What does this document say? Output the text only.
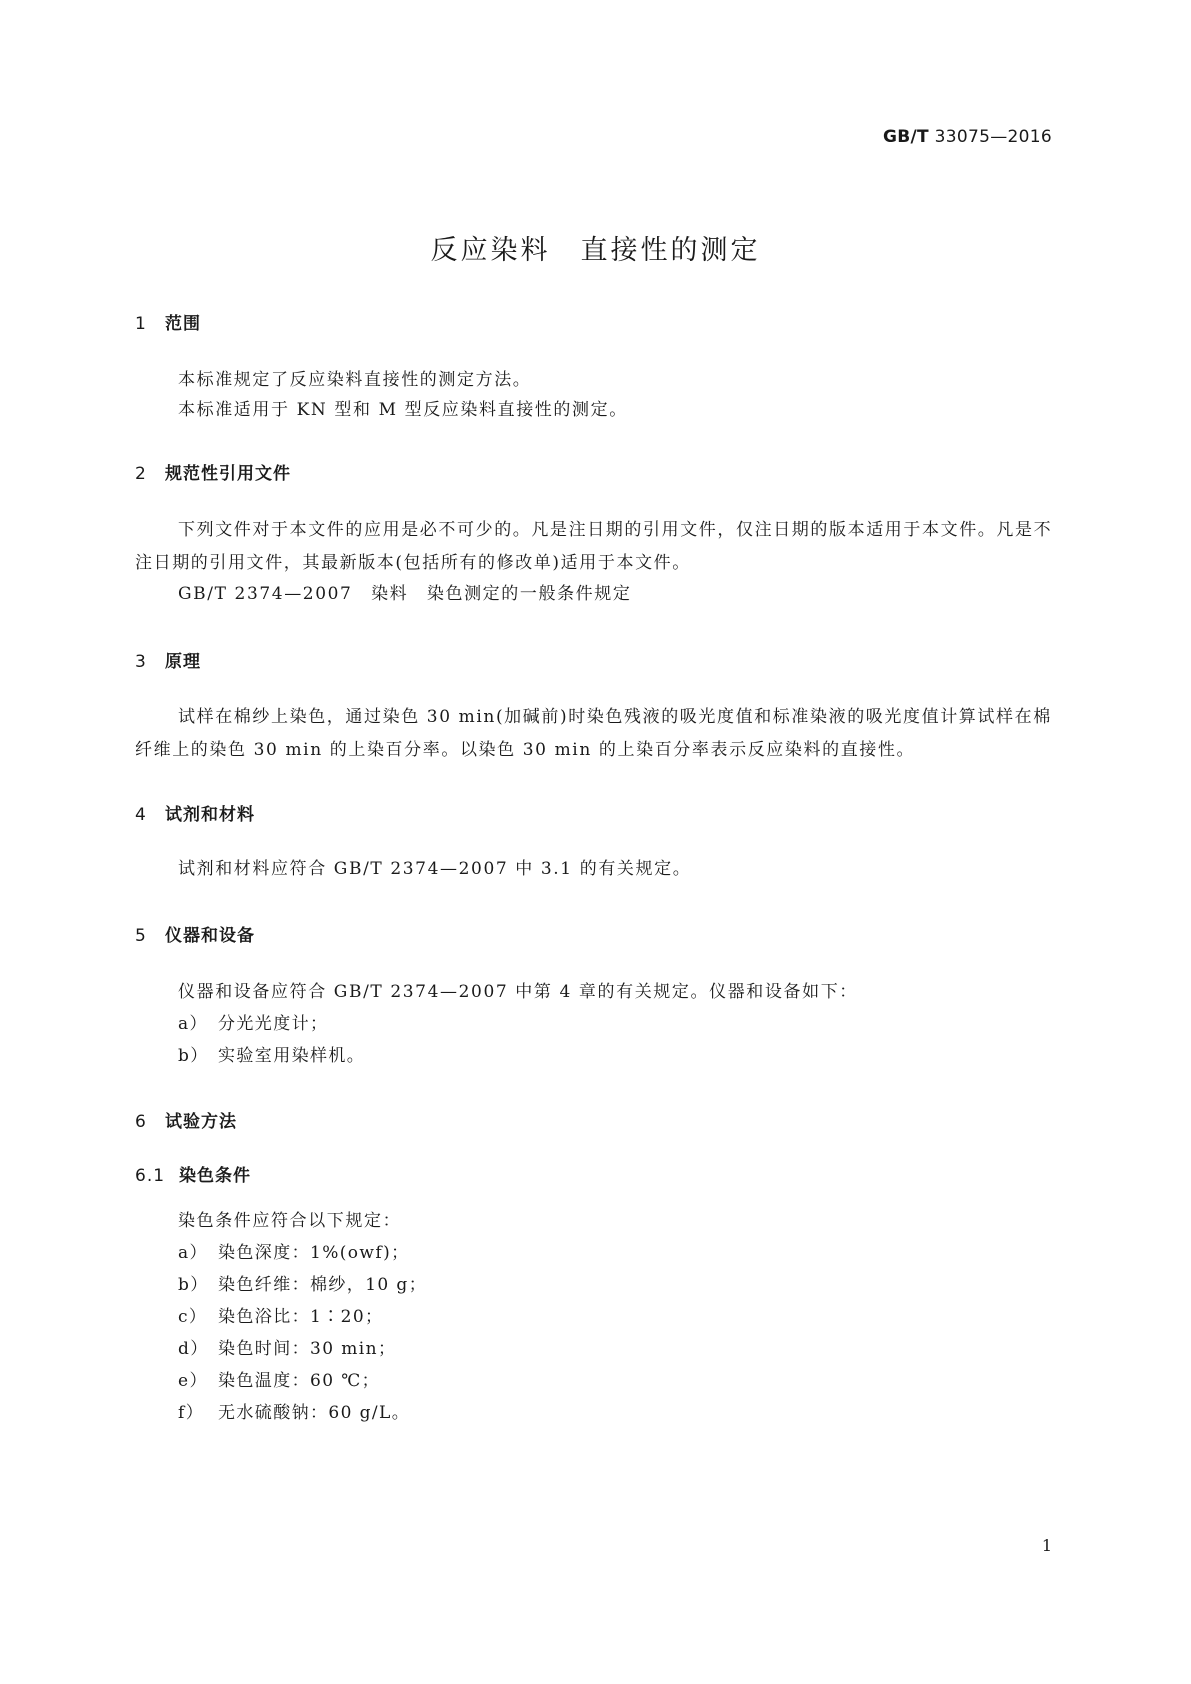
GB/T 33075—2016
反应染料　直接性的测定
1 范围
本标准规定了反应染料直接性的测定方法。
本标准适用于 KN 型和 M 型反应染料直接性的测定。
2 规范性引用文件
下列文件对于本文件的应用是必不可少的。凡是注日期的引用文件，仅注日期的版本适用于本文件。凡是不注日期的引用文件，其最新版本(包括所有的修改单)适用于本文件。
GB/T 2374—2007　染料　染色测定的一般条件规定
3 原理
试样在棉纱上染色，通过染色 30 min(加碱前)时染色残液的吸光度值和标准染液的吸光度值计算试样在棉纤维上的染色 30 min 的上染百分率。以染色 30 min 的上染百分率表示反应染料的直接性。
4 试剂和材料
试剂和材料应符合 GB/T 2374—2007 中 3.1 的有关规定。
5 仪器和设备
仪器和设备应符合 GB/T 2374—2007 中第 4 章的有关规定。仪器和设备如下：
a） 分光光度计；
b） 实验室用染样机。
6 试验方法
6.1 染色条件
染色条件应符合以下规定：
a） 染色深度：1%(owf)；
b） 染色纤维：棉纱，10 g；
c） 染色浴比：1∶20；
d） 染色时间：30 min；
e） 染色温度：60 ℃；
f） 无水硫酸钠：60 g/L。
1
